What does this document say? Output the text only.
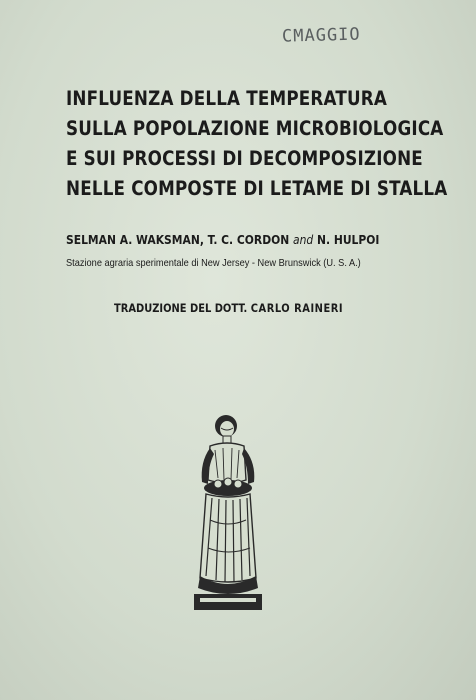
CMAGGIO
INFLUENZA DELLA TEMPERATURA
SULLA POPOLAZIONE MICROBIOLOGICA
E SUI PROCESSI DI DECOMPOSIZIONE
NELLE COMPOSTE DI LETAME DI STALLA
SELMAN A. WAKSMAN, T. C. CORDON and N. HULPOI
Stazione agraria sperimentale di New Jersey - New Brunswick (U. S. A.)
TRADUZIONE DEL DOTT. CARLO RAINERI
